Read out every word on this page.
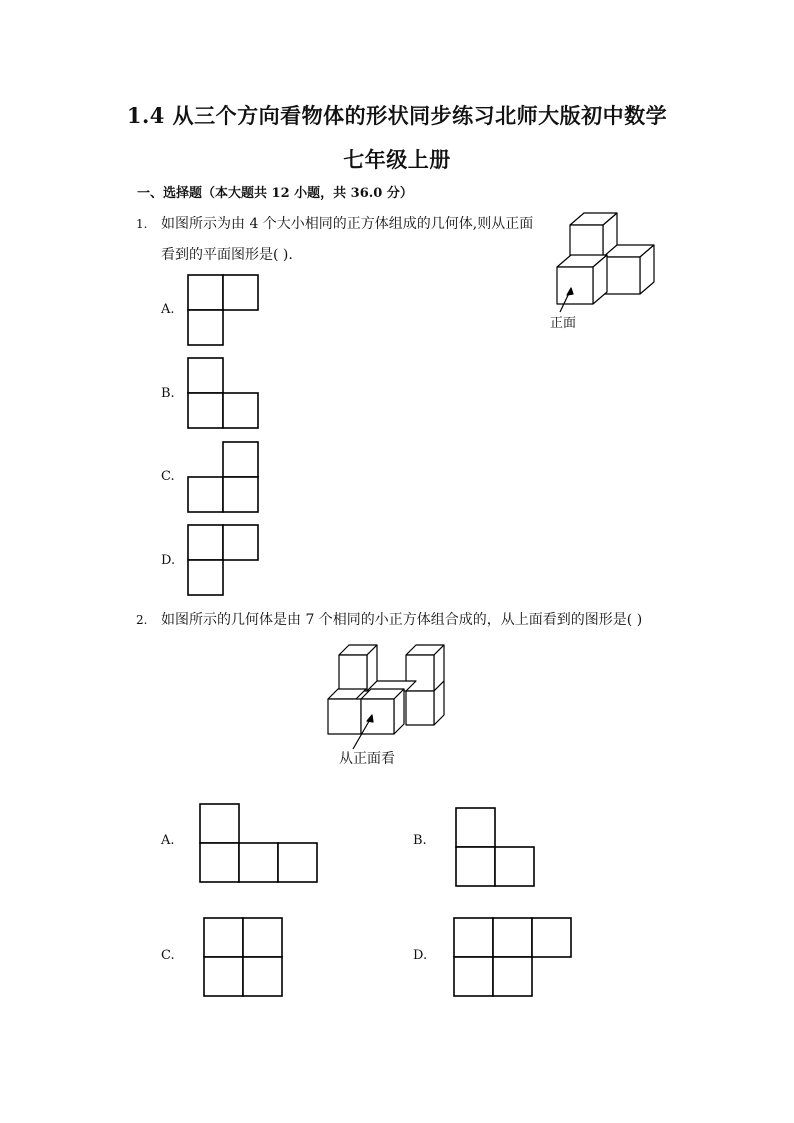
1.4 从三个方向看物体的形状同步练习北师大版初中数学
七年级上册
一、选择题（本大题共 12 小题，共 36.0 分）
1. 如图所示为由 4 个大小相同的正方体组成的几何体,则从正面
看到的平面图形是( ).
正面
A.
B.
C.
D.
2. 如图所示的几何体是由 7 个相同的小正方体组合成的，从上面看到的图形是( )
从正面看
A.	B.
C.	D.
